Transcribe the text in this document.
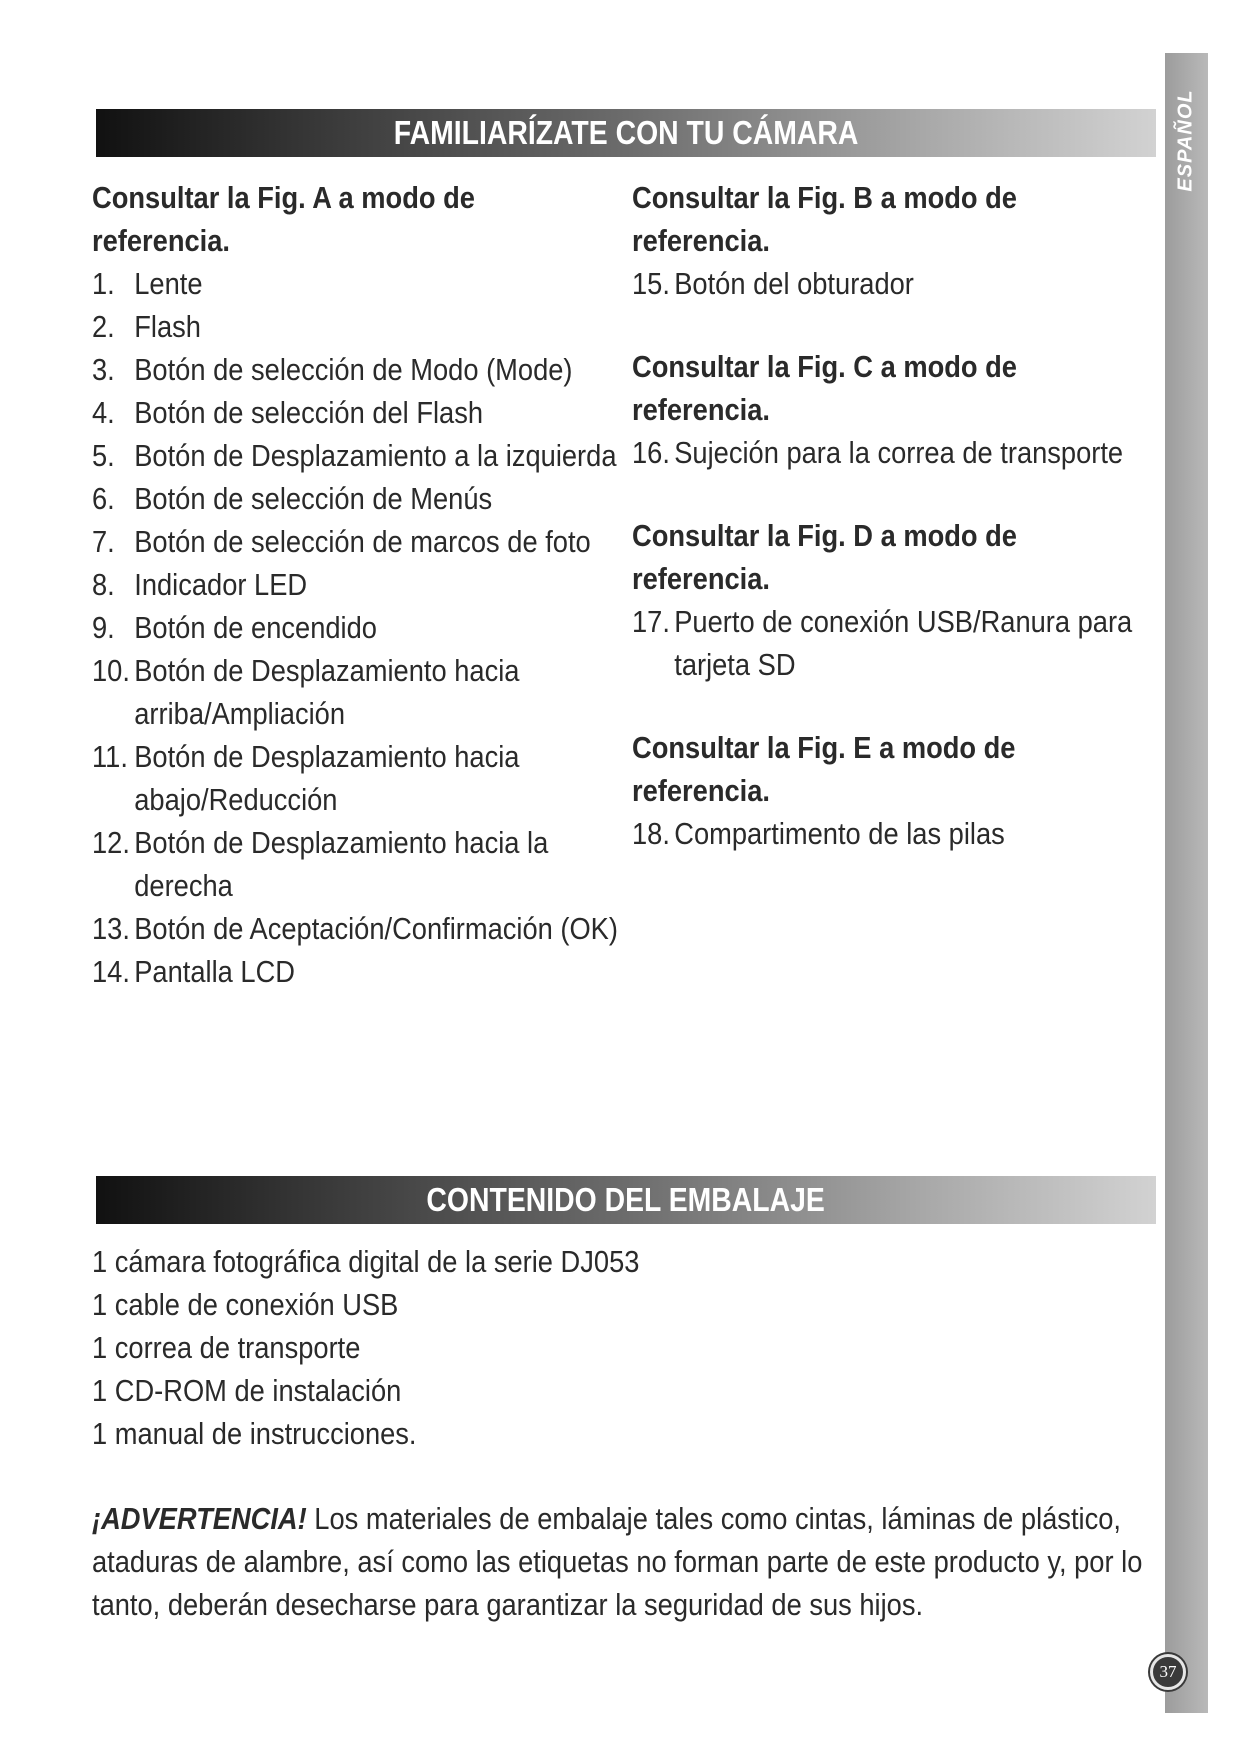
ESPAÑOL
FAMILIARÍZATE CON TU CÁMARA
Consultar la Fig. A a modo de referencia.
1. Lente
2. Flash
3. Botón de selección de Modo (Mode)
4. Botón de selección del Flash
5. Botón de Desplazamiento a la izquierda
6. Botón de selección de Menús
7. Botón de selección de marcos de foto
8. Indicador LED
9. Botón de encendido
10. Botón de Desplazamiento hacia arriba/Ampliación
11. Botón de Desplazamiento hacia abajo/Reducción
12. Botón de Desplazamiento hacia la derecha
13. Botón de Aceptación/Confirmación (OK)
14. Pantalla LCD
Consultar la Fig. B a modo de referencia.
15. Botón del obturador
Consultar la Fig. C a modo de referencia.
16. Sujeción para la correa de transporte
Consultar la Fig. D a modo de referencia.
17. Puerto de conexión USB/Ranura para tarjeta SD
Consultar la Fig. E a modo de referencia.
18. Compartimento de las pilas
CONTENIDO DEL EMBALAJE
1 cámara fotográfica digital de la serie DJ053
1 cable de conexión USB
1 correa de transporte
1 CD-ROM de instalación
1 manual de instrucciones.
¡ADVERTENCIA! Los materiales de embalaje tales como cintas, láminas de plástico, ataduras de alambre, así como las etiquetas no forman parte de este producto y, por lo tanto, deberán desecharse para garantizar la seguridad de sus hijos.
37
